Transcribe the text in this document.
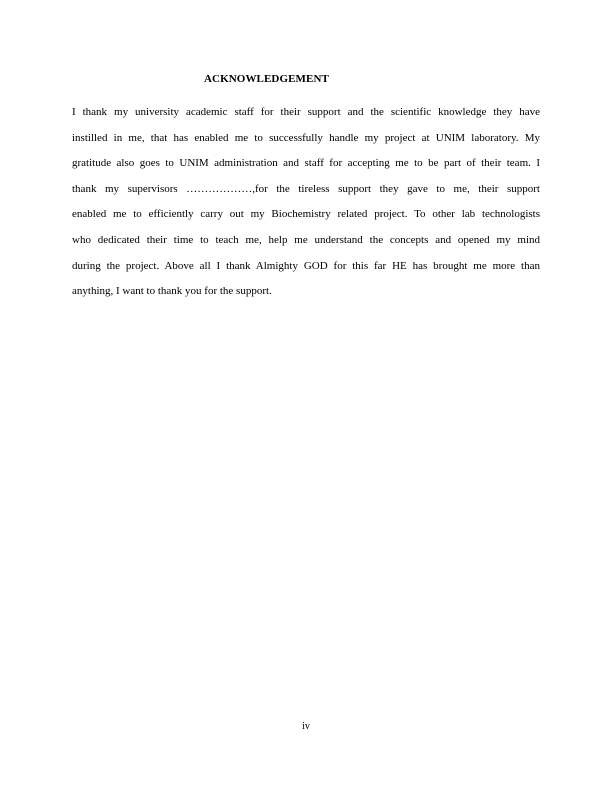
ACKNOWLEDGEMENT
I thank my university academic staff for their support and the scientific knowledge they have
instilled in me, that has enabled me to successfully handle my project at UNIM laboratory. My
gratitude also goes to UNIM administration and staff for accepting me to be part of their team. I
thank my supervisors ………………,for the tireless support they gave to me, their support
enabled me to efficiently carry out my Biochemistry related project. To other lab technologists
who dedicated their time to teach me, help me understand the concepts and opened my mind
during the project. Above all I thank Almighty GOD for this far HE has brought me more than
anything, I want to thank you for the support.
iv
